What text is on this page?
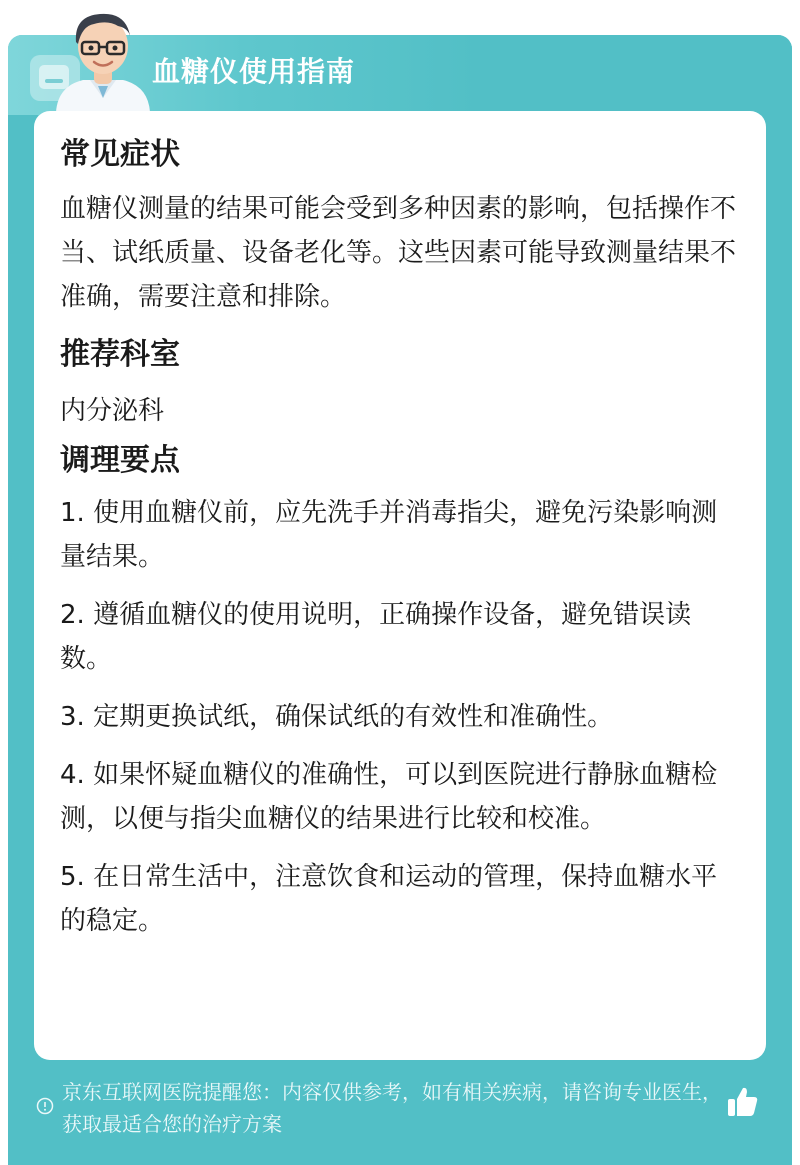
血糖仪使用指南
常见症状

血糖仪测量的结果可能会受到多种因素的影响，包括操作不当、试纸质量、设备老化等。这些因素可能导致测量结果不准确，需要注意和排除。

推荐科室

内分泌科

调理要点

1. 使用血糖仪前，应先洗手并消毒指尖，避免污染影响测量结果。

2. 遵循血糖仪的使用说明，正确操作设备，避免错误读数。

3. 定期更换试纸，确保试纸的有效性和准确性。

4. 如果怀疑血糖仪的准确性，可以到医院进行静脉血糖检测，以便与指尖血糖仪的结果进行比较和校准。

5. 在日常生活中，注意饮食和运动的管理，保持血糖水平的稳定。

京东互联网医院提醒您：内容仅供参考，如有相关疾病，请咨询专业医生，获取最适合您的治疗方案
